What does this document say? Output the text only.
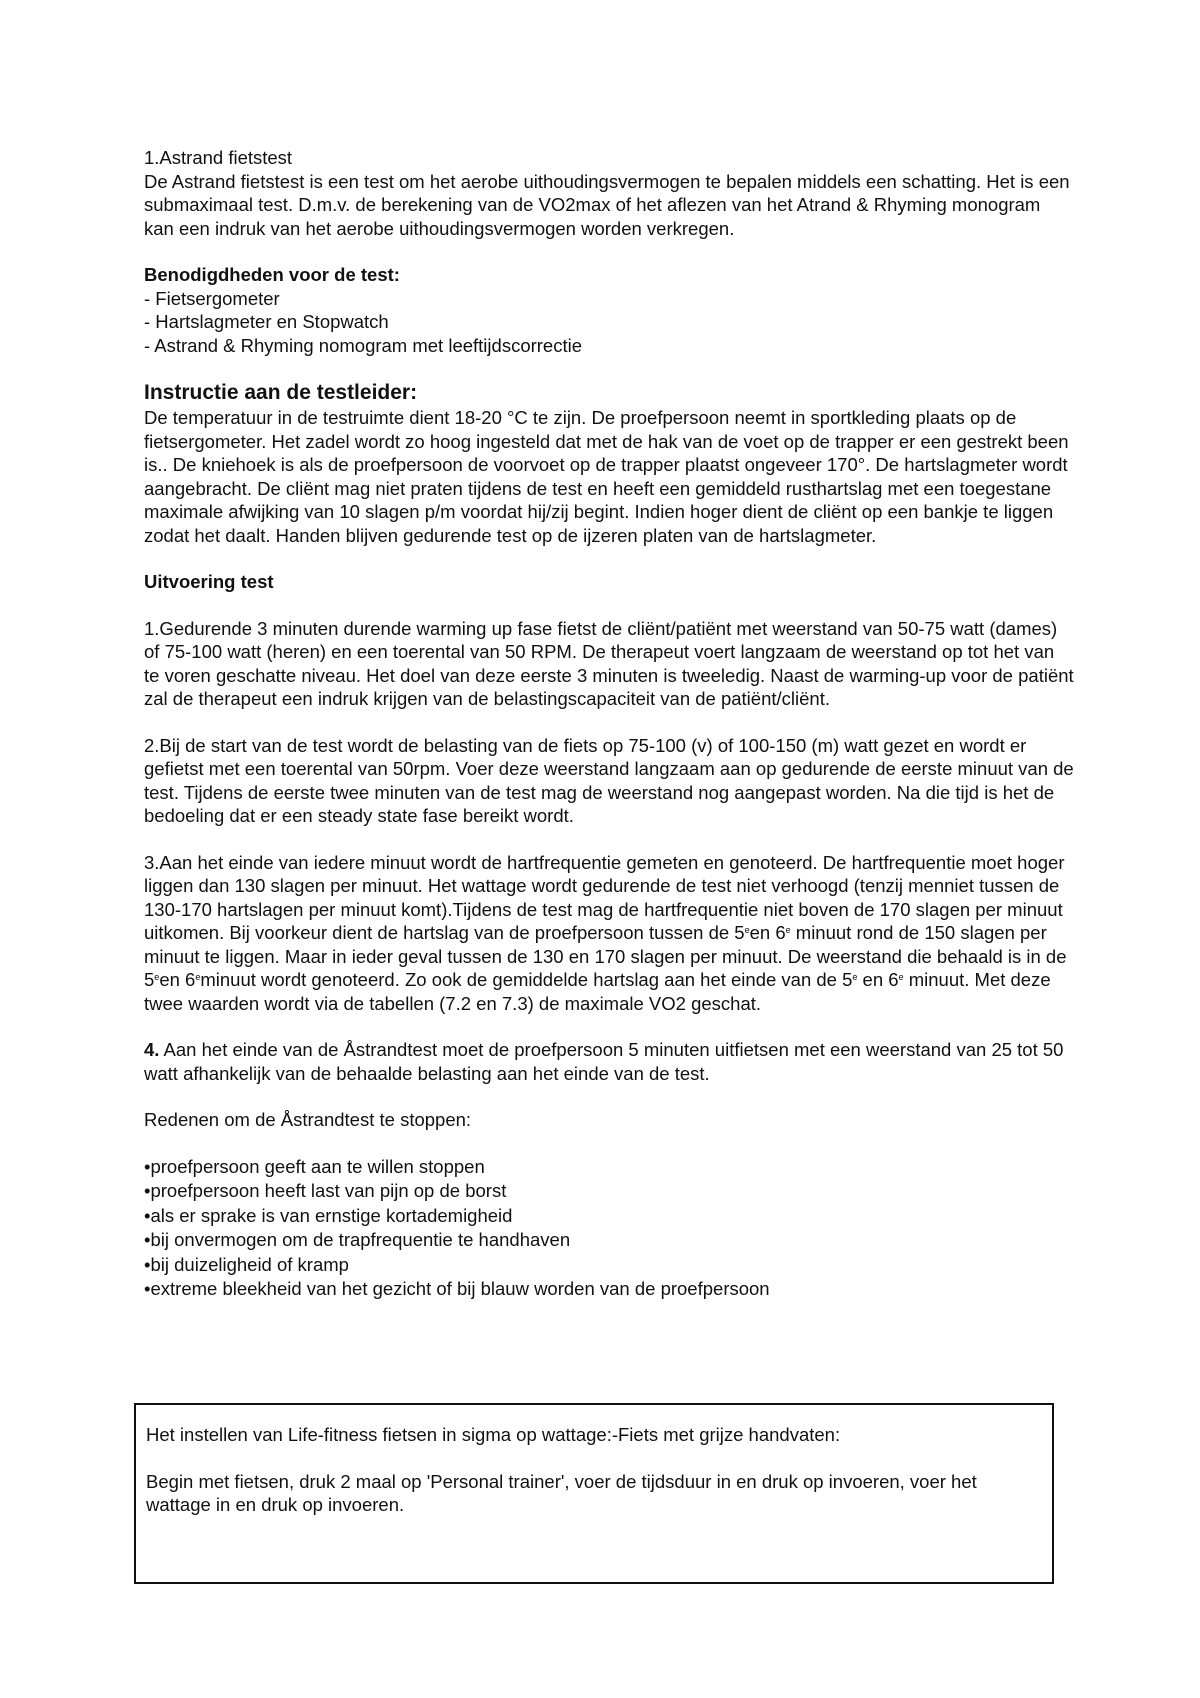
1.Astrand fietstest

De Astrand fietstest is een test om het aerobe uithoudingsvermogen te bepalen middels een schatting. Het is een submaximaal test. D.m.v. de berekening van de VO2max of het aflezen van het Atrand & Rhyming monogram kan een indruk van het aerobe uithoudingsvermogen worden verkregen.

Benodigdheden voor de test:

- Fietsergometer

- Hartslagmeter en Stopwatch

- Astrand & Rhyming nomogram met leeftijdscorrectie

Instructie aan de testleider:

De temperatuur in de testruimte dient 18-20 °C te zijn. De proefpersoon neemt in sportkleding plaats op de fietsergometer. Het zadel wordt zo hoog ingesteld dat met de hak van de voet op de trapper er een gestrekt been is.. De kniehoek is als de proefpersoon de voorvoet op de trapper plaatst ongeveer 170°. De hartslagmeter wordt aangebracht. De cliënt mag niet praten tijdens de test en heeft een gemiddeld rusthartslag met een toegestane maximale afwijking van 10 slagen p/m voordat hij/zij begint. Indien hoger dient de cliënt op een bankje te liggen zodat het daalt. Handen blijven gedurende test op de ijzeren platen van de hartslagmeter.

Uitvoering test

1.Gedurende 3 minuten durende warming up fase fietst de cliënt/patiënt met weerstand van 50-75 watt (dames) of 75-100 watt (heren) en een toerental van 50 RPM. De therapeut voert langzaam de weerstand op tot het van te voren geschatte niveau. Het doel van deze eerste 3 minuten is tweeledig. Naast de warming-up voor de patiënt zal de therapeut een indruk krijgen van de belastingscapaciteit van de patiënt/cliënt.

2.Bij de start van de test wordt de belasting van de fiets op 75-100 (v) of 100-150 (m) watt gezet en wordt er gefietst met een toerental van 50rpm. Voer deze weerstand langzaam aan op gedurende de eerste minuut van de test. Tijdens de eerste twee minuten van de test mag de weerstand nog aangepast worden. Na die tijd is het de bedoeling dat er een steady state fase bereikt wordt.

3.Aan het einde van iedere minuut wordt de hartfrequentie gemeten en genoteerd. De hartfrequentie moet hoger liggen dan 130 slagen per minuut. Het wattage wordt gedurende de test niet verhoogd (tenzij menniet tussen de 130-170 hartslagen per minuut komt).Tijdens de test mag de hartfrequentie niet boven de 170 slagen per minuut uitkomen. Bij voorkeur dient de hartslag van de proefpersoon tussen de 5een 6e minuut rond de 150 slagen per minuut te liggen. Maar in ieder geval tussen de 130 en 170 slagen per minuut. De weerstand die behaald is in de 5een 6eminuut wordt genoteerd. Zo ook de gemiddelde hartslag aan het einde van de 5e en 6e minuut. Met deze twee waarden wordt via de tabellen (7.2 en 7.3) de maximale VO2 geschat.

4. Aan het einde van de Åstrandtest moet de proefpersoon 5 minuten uitfietsen met een weerstand van 25 tot 50 watt afhankelijk van de behaalde belasting aan het einde van de test.

Redenen om de Åstrandtest te stoppen:

• proefpersoon geeft aan te willen stoppen
• proefpersoon heeft last van pijn op de borst
• als er sprake is van ernstige kortademigheid
• bij onvermogen om de trapfrequentie te handhaven
• bij duizeligheid of kramp
• extreme bleekheid van het gezicht of bij blauw worden van de proefpersoon

Het instellen van Life-fitness fietsen in sigma op wattage:-Fiets met grijze handvaten:

Begin met fietsen, druk 2 maal op 'Personal trainer', voer de tijdsduur in en druk op invoeren, voer het wattage in en druk op invoeren.
